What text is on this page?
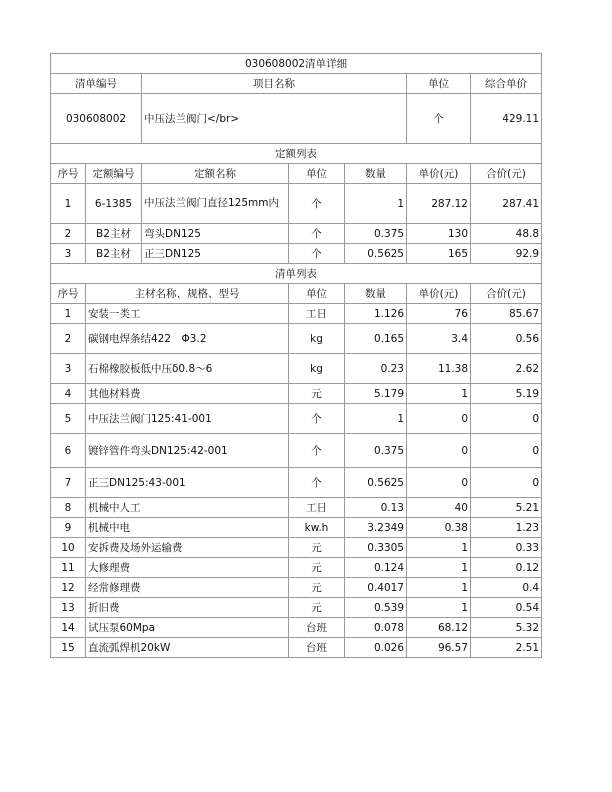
030608002清单详细						
清单编号		项目名称			单位	综合单价
030608002		中压法兰阀门</br>			个	429.11
定额列表						
序号	定额编号	定额名称	单位	数量	单价(元)	合价(元)
1	6-1385	中压法兰阀门直径125mm内	个	1	287.12	287.41
2	B2主材	弯头DN125	个	0.375	130	48.8
3	B2主材	正三DN125	个	0.5625	165	92.9
清单列表						
序号	主材名称、规格、型号		单位	数量	单价(元)	合价(元)
1	安装一类工		工日	1.126	76	85.67
2	碳钢电焊条结422　Φ3.2		kg	0.165	3.4	0.56
3	石棉橡胶板低中压δ0.8～6		kg	0.23	11.38	2.62
4	其他材料费		元	5.179	1	5.19
5	中压法兰阀门125:41-001		个	1	0	0
6	镀锌管件弯头DN125:42-001		个	0.375	0	0
7	正三DN125:43-001		个	0.5625	0	0
8	机械中人工		工日	0.13	40	5.21
9	机械中电		kw.h	3.2349	0.38	1.23
10	安拆费及场外运输费		元	0.3305	1	0.33
11	大修理费		元	0.124	1	0.12
12	经常修理费		元	0.4017	1	0.4
13	折旧费		元	0.539	1	0.54
14	试压泵60Mpa		台班	0.078	68.12	5.32
15	直流弧焊机20kW		台班	0.026	96.57	2.51
